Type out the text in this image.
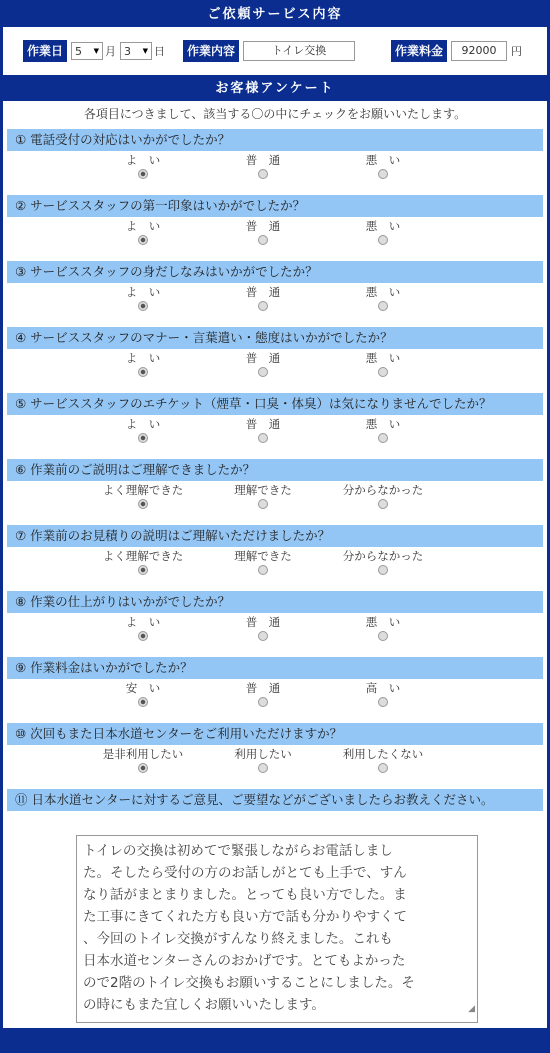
ご依頼サービス内容
作業日	5 ▼ 月 3 ▼ 日	作業内容	トイレ交換	作業料金	92000	円
お客様アンケート
各項目につきまして、該当する〇の中にチェックをお願いいたします。
① 電話受付の対応はいかがでしたか？
よ　い	普　通	悪　い
② サービススタッフの第一印象はいかがでしたか？
よ　い	普　通	悪　い
③ サービススタッフの身だしなみはいかがでしたか？
よ　い	普　通	悪　い
④ サービススタッフのマナー・言葉遣い・態度はいかがでしたか？
よ　い	普　通	悪　い
⑤ サービススタッフのエチケット（煙草・口臭・体臭）は気になりませんでしたか？
よ　い	普　通	悪　い
⑥ 作業前のご説明はご理解できましたか？
よく理解できた	理解できた	分からなかった
⑦ 作業前のお見積りの説明はご理解いただけましたか？
よく理解できた	理解できた	分からなかった
⑧ 作業の仕上がりはいかがでしたか？
よ　い	普　通	悪　い
⑨ 作業料金はいかがでしたか？
安　い	普　通	高　い
⑩ 次回もまた日本水道センターをご利用いただけますか？
是非利用したい	利用したい	利用したくない
⑪ 日本水道センターに対するご意見、ご要望などがございましたらお教えください。
トイレの交換は初めてで緊張しながらお電話しまし
た。そしたら受付の方のお話しがとても上手で、すん
なり話がまとまりました。とっても良い方でした。ま
た工事にきてくれた方も良い方で話も分かりやすくて
、今回のトイレ交換がすんなり終えました。これも
日本水道センターさんのおかげです。とてもよかった
ので2階のトイレ交換もお願いすることにしました。そ
の時にもまた宜しくお願いいたします。	◢
